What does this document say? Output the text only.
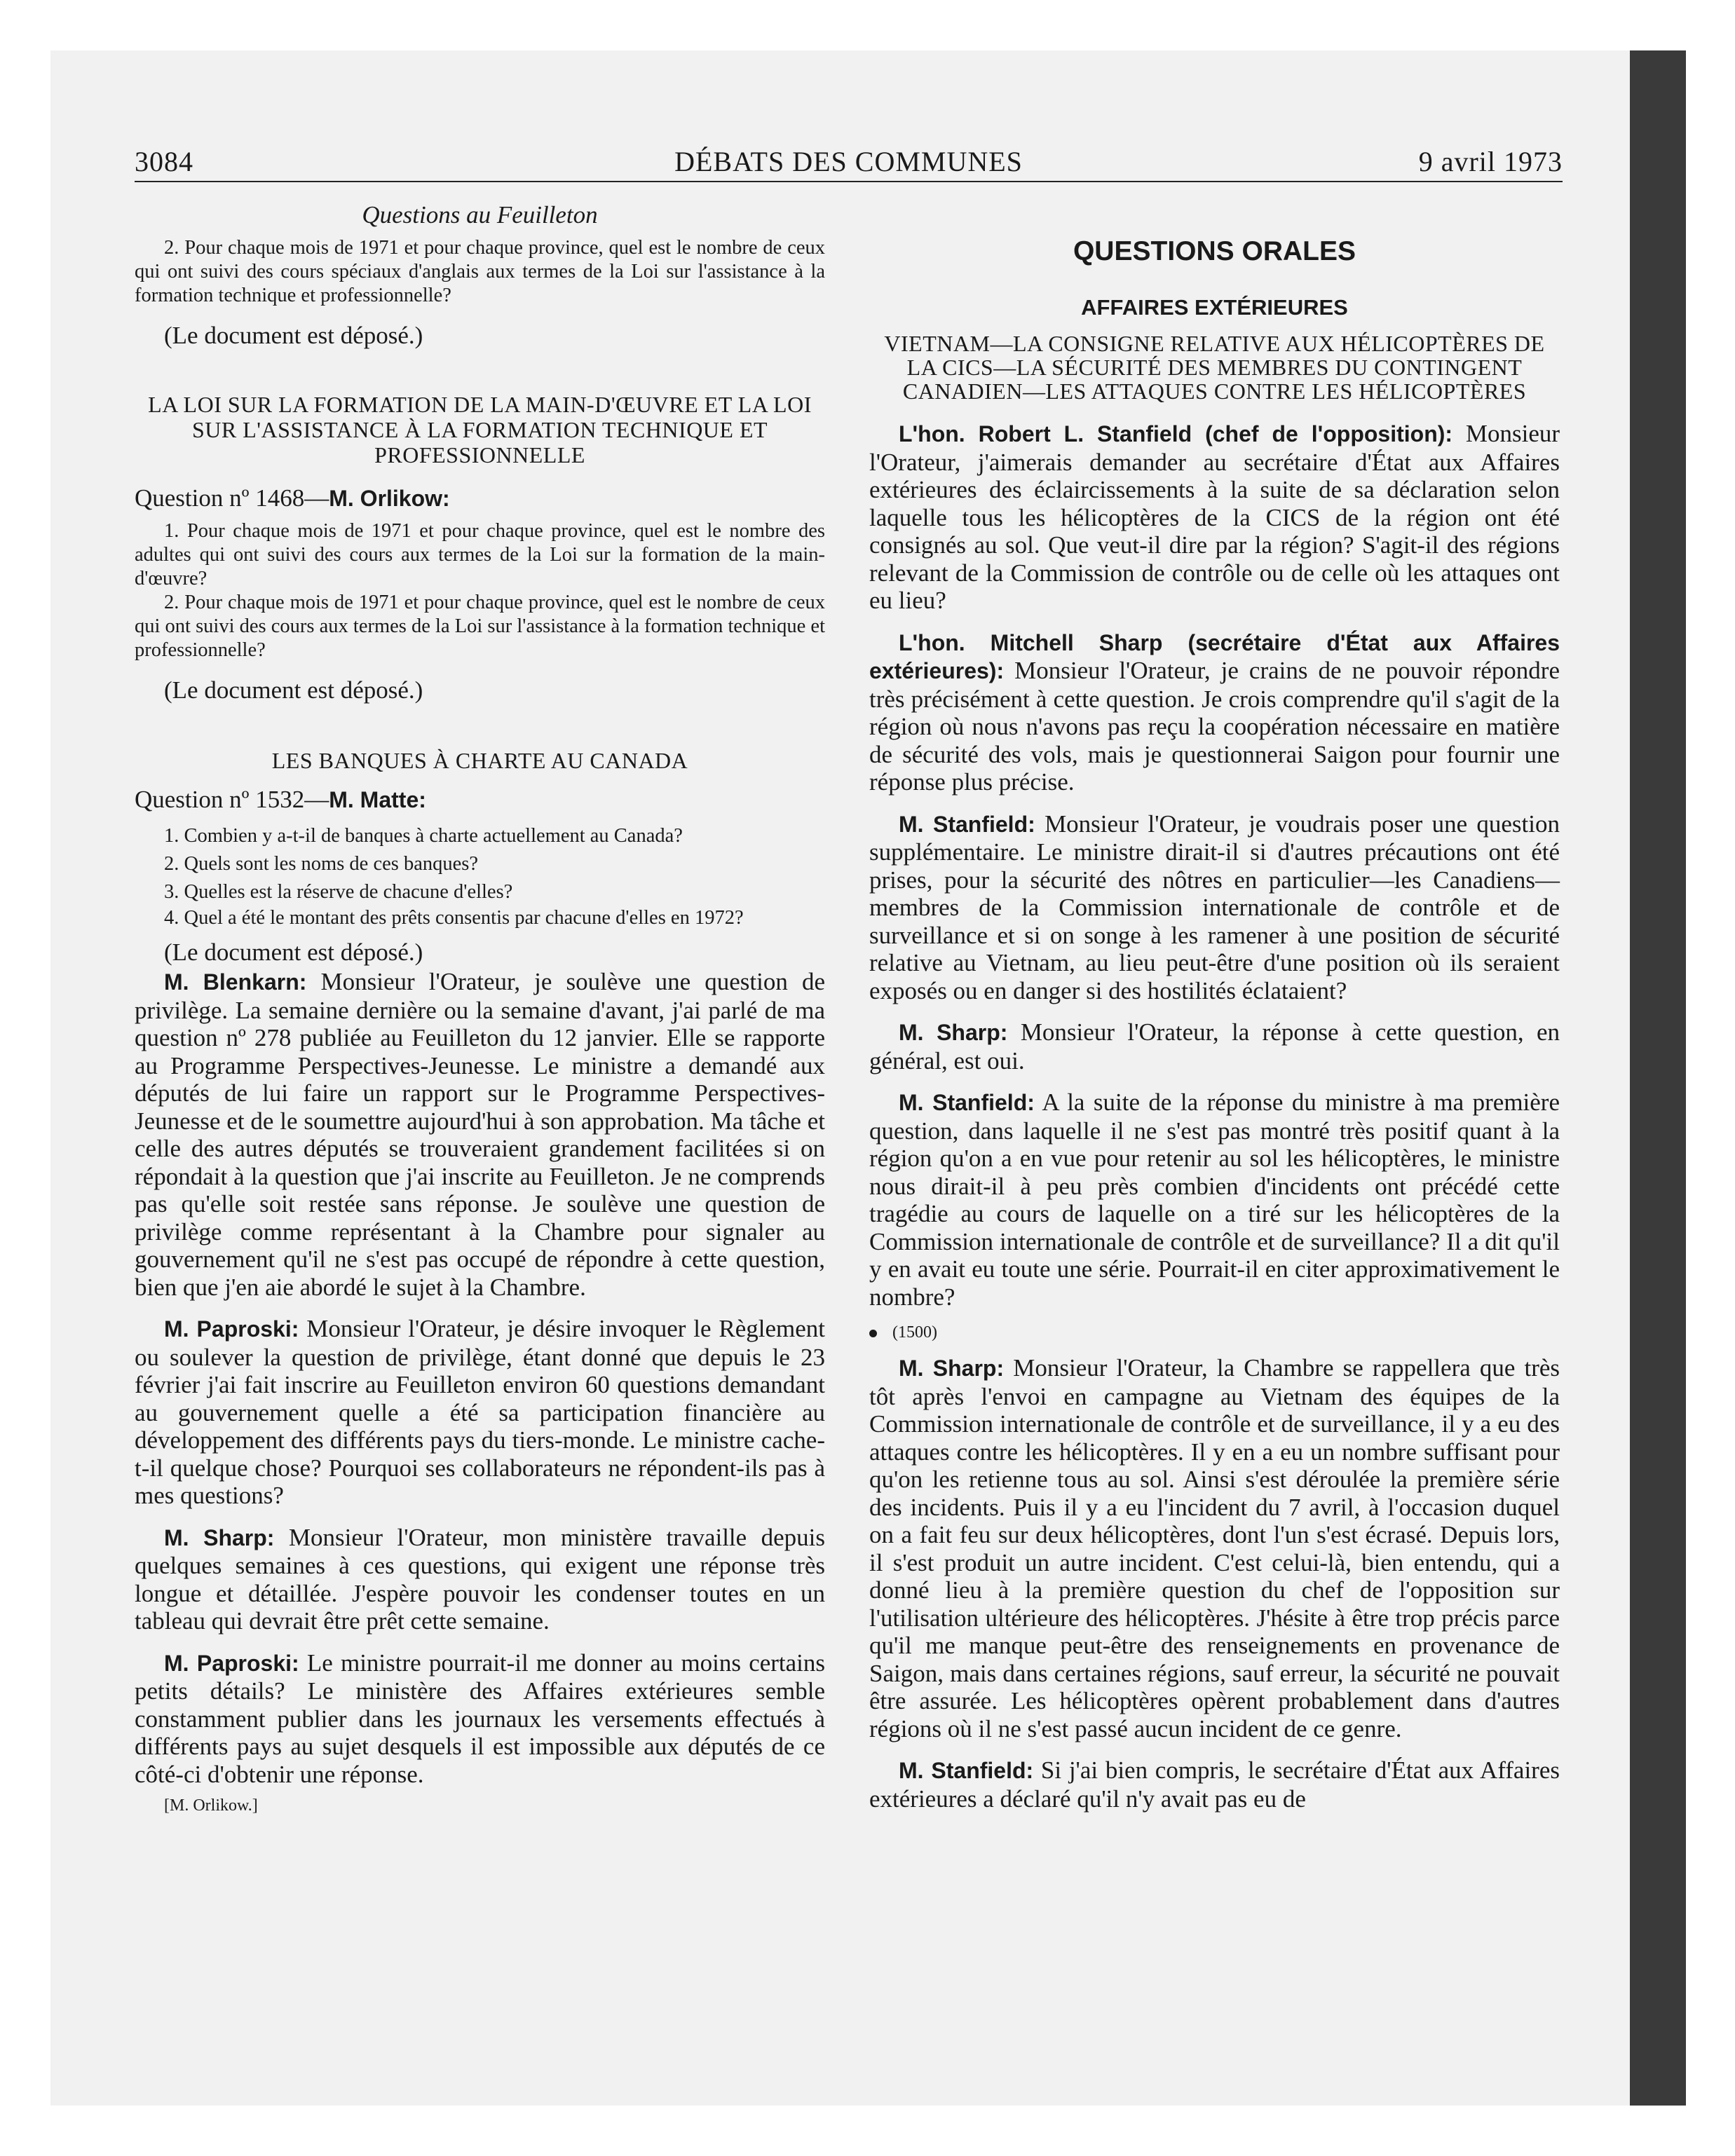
DÉBATS DES COMMUNES
3084	9 avril 1973

Questions au Feuilleton

2. Pour chaque mois de 1971 et pour chaque province, quel est le nombre de ceux qui ont suivi des cours spéciaux d'anglais aux termes de la Loi sur l'assistance à la formation technique et professionnelle?

(Le document est déposé.)

LA LOI SUR LA FORMATION DE LA MAIN-D'ŒUVRE ET LA LOI SUR L'ASSISTANCE À LA FORMATION TECHNIQUE ET PROFESSIONNELLE

Question nº 1468—M. Orlikow:

1. Pour chaque mois de 1971 et pour chaque province, quel est le nombre des adultes qui ont suivi des cours aux termes de la Loi sur la formation de la main-d'œuvre?

2. Pour chaque mois de 1971 et pour chaque province, quel est le nombre de ceux qui ont suivi des cours aux termes de la Loi sur l'assistance à la formation technique et professionnelle?

(Le document est déposé.)

LES BANQUES À CHARTE AU CANADA

Question nº 1532—M. Matte:

1. Combien y a-t-il de banques à charte actuellement au Canada?

2. Quels sont les noms de ces banques?

3. Quelles est la réserve de chacune d'elles?

4. Quel a été le montant des prêts consentis par chacune d'elles en 1972?

(Le document est déposé.)

M. Blenkarn: Monsieur l'Orateur, je soulève une question de privilège. La semaine dernière ou la semaine d'avant, j'ai parlé de ma question nº 278 publiée au Feuilleton du 12 janvier. Elle se rapporte au Programme Perspectives-Jeunesse. Le ministre a demandé aux députés de lui faire un rapport sur le Programme Perspectives-Jeunesse et de le soumettre aujourd'hui à son approbation. Ma tâche et celle des autres députés se trouveraient grandement facilitées si on répondait à la question que j'ai inscrite au Feuilleton. Je ne comprends pas qu'elle soit restée sans réponse. Je soulève une question de privilège comme représentant à la Chambre pour signaler au gouvernement qu'il ne s'est pas occupé de répondre à cette question, bien que j'en aie abordé le sujet à la Chambre.

M. Paproski: Monsieur l'Orateur, je désire invoquer le Règlement ou soulever la question de privilège, étant donné que depuis le 23 février j'ai fait inscrire au Feuilleton environ 60 questions demandant au gouvernement quelle a été sa participation financière au développement des différents pays du tiers-monde. Le ministre cache-t-il quelque chose? Pourquoi ses collaborateurs ne répondent-ils pas à mes questions?

M. Sharp: Monsieur l'Orateur, mon ministère travaille depuis quelques semaines à ces questions, qui exigent une réponse très longue et détaillée. J'espère pouvoir les condenser toutes en un tableau qui devrait être prêt cette semaine.

M. Paproski: Le ministre pourrait-il me donner au moins certains petits détails? Le ministère des Affaires extérieures semble constamment publier dans les journaux les versements effectués à différents pays au sujet desquels il est impossible aux députés de ce côté-ci d'obtenir une réponse.

[M. Orlikow.]

QUESTIONS ORALES

AFFAIRES EXTÉRIEURES

VIETNAM—LA CONSIGNE RELATIVE AUX HÉLICOPTÈRES DE LA CICS—LA SÉCURITÉ DES MEMBRES DU CONTINGENT CANADIEN—LES ATTAQUES CONTRE LES HÉLICOPTÈRES

L'hon. Robert L. Stanfield (chef de l'opposition): Monsieur l'Orateur, j'aimerais demander au secrétaire d'État aux Affaires extérieures des éclaircissements à la suite de sa déclaration selon laquelle tous les hélicoptères de la CICS de la région ont été consignés au sol. Que veut-il dire par la région? S'agit-il des régions relevant de la Commission de contrôle ou de celle où les attaques ont eu lieu?

L'hon. Mitchell Sharp (secrétaire d'État aux Affaires extérieures): Monsieur l'Orateur, je crains de ne pouvoir répondre très précisément à cette question. Je crois comprendre qu'il s'agit de la région où nous n'avons pas reçu la coopération nécessaire en matière de sécurité des vols, mais je questionnerai Saigon pour fournir une réponse plus précise.

M. Stanfield: Monsieur l'Orateur, je voudrais poser une question supplémentaire. Le ministre dirait-il si d'autres précautions ont été prises, pour la sécurité des nôtres en particulier—les Canadiens—membres de la Commission internationale de contrôle et de surveillance et si on songe à les ramener à une position de sécurité relative au Vietnam, au lieu peut-être d'une position où ils seraient exposés ou en danger si des hostilités éclataient?

M. Sharp: Monsieur l'Orateur, la réponse à cette question, en général, est oui.

M. Stanfield: A la suite de la réponse du ministre à ma première question, dans laquelle il ne s'est pas montré très positif quant à la région qu'on a en vue pour retenir au sol les hélicoptères, le ministre nous dirait-il à peu près combien d'incidents ont précédé cette tragédie au cours de laquelle on a tiré sur les hélicoptères de la Commission internationale de contrôle et de surveillance? Il a dit qu'il y en avait eu toute une série. Pourrait-il en citer approximativement le nombre?

(1500)

M. Sharp: Monsieur l'Orateur, la Chambre se rappellera que très tôt après l'envoi en campagne au Vietnam des équipes de la Commission internationale de contrôle et de surveillance, il y a eu des attaques contre les hélicoptères. Il y en a eu un nombre suffisant pour qu'on les retienne tous au sol. Ainsi s'est déroulée la première série des incidents. Puis il y a eu l'incident du 7 avril, à l'occasion duquel on a fait feu sur deux hélicoptères, dont l'un s'est écrasé. Depuis lors, il s'est produit un autre incident. C'est celui-là, bien entendu, qui a donné lieu à la première question du chef de l'opposition sur l'utilisation ultérieure des hélicoptères. J'hésite à être trop précis parce qu'il me manque peut-être des renseignements en provenance de Saigon, mais dans certaines régions, sauf erreur, la sécurité ne pouvait être assurée. Les hélicoptères opèrent probablement dans d'autres régions où il ne s'est passé aucun incident de ce genre.

M. Stanfield: Si j'ai bien compris, le secrétaire d'État aux Affaires extérieures a déclaré qu'il n'y avait pas eu de
